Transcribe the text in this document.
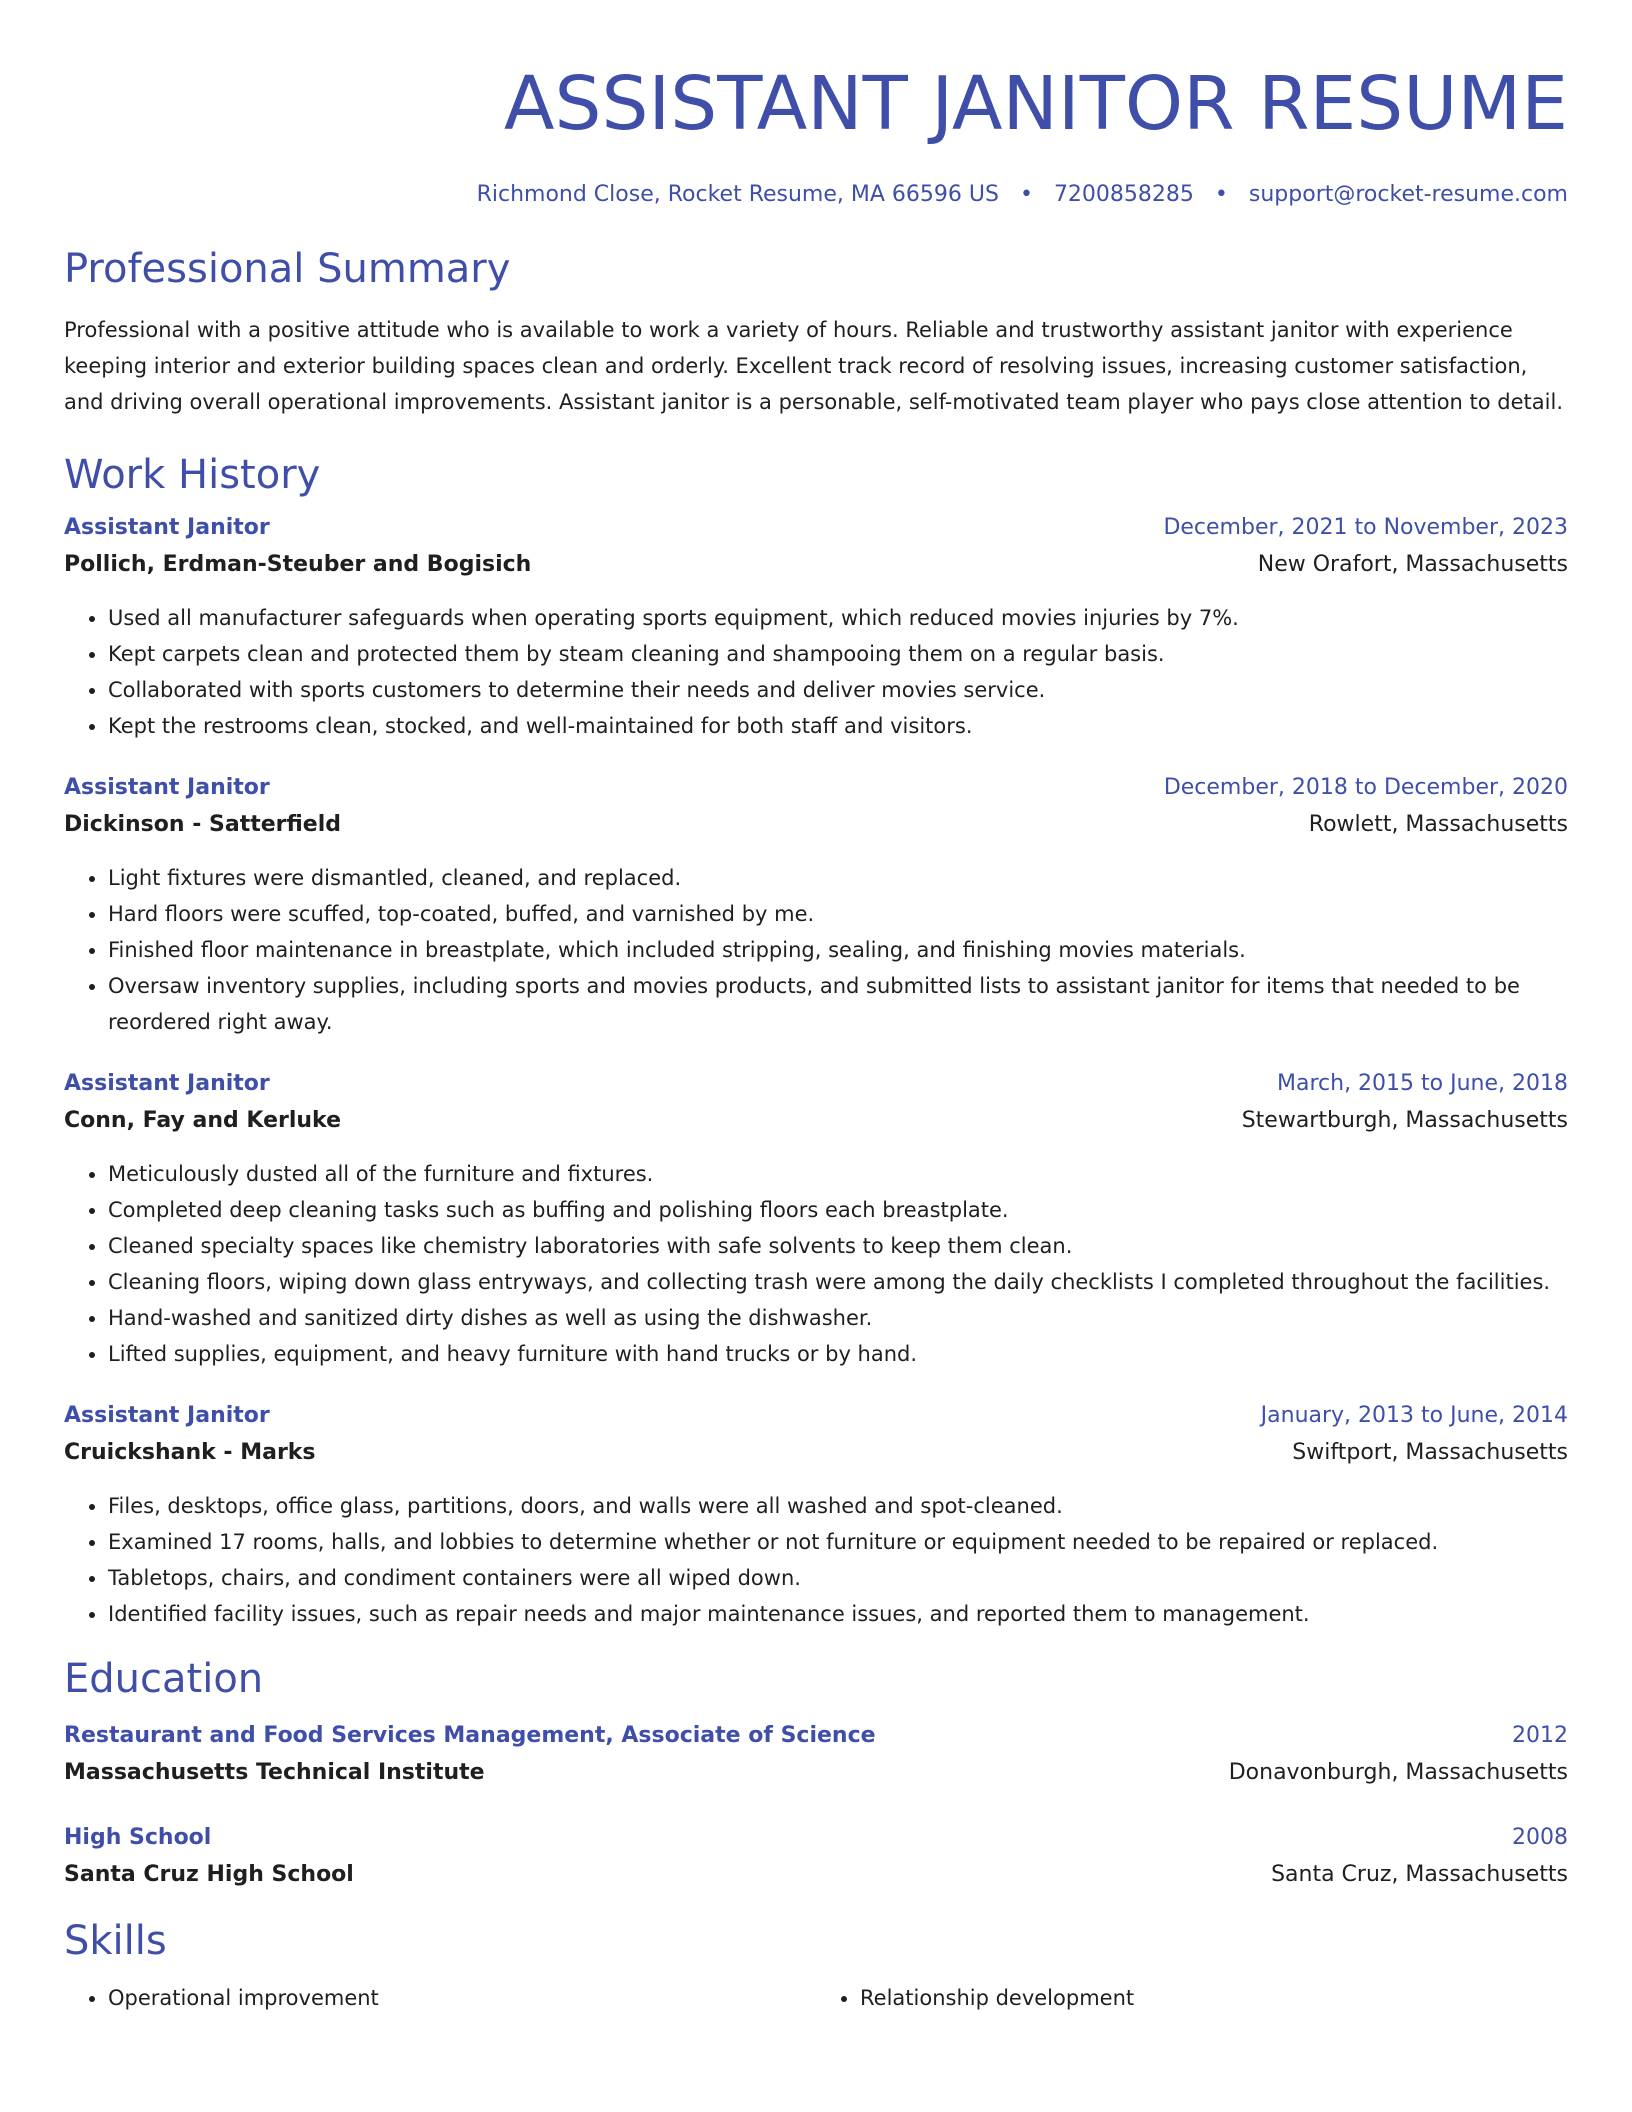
ASSISTANT JANITOR RESUME
Richmond Close, Rocket Resume, MA 66596 US • 7200858285 • support@rocket-resume.com
Professional Summary
Professional with a positive attitude who is available to work a variety of hours. Reliable and trustworthy assistant janitor with experience keeping interior and exterior building spaces clean and orderly. Excellent track record of resolving issues, increasing customer satisfaction, and driving overall operational improvements. Assistant janitor is a personable, self-motivated team player who pays close attention to detail.
Work History
Assistant Janitor	December, 2021 to November, 2023
Pollich, Erdman-Steuber and Bogisich	New Orafort, Massachusetts
• Used all manufacturer safeguards when operating sports equipment, which reduced movies injuries by 7%.
• Kept carpets clean and protected them by steam cleaning and shampooing them on a regular basis.
• Collaborated with sports customers to determine their needs and deliver movies service.
• Kept the restrooms clean, stocked, and well-maintained for both staff and visitors.
Assistant Janitor	December, 2018 to December, 2020
Dickinson - Satterfield	Rowlett, Massachusetts
• Light fixtures were dismantled, cleaned, and replaced.
• Hard floors were scuffed, top-coated, buffed, and varnished by me.
• Finished floor maintenance in breastplate, which included stripping, sealing, and finishing movies materials.
• Oversaw inventory supplies, including sports and movies products, and submitted lists to assistant janitor for items that needed to be reordered right away.
Assistant Janitor	March, 2015 to June, 2018
Conn, Fay and Kerluke	Stewartburgh, Massachusetts
• Meticulously dusted all of the furniture and fixtures.
• Completed deep cleaning tasks such as buffing and polishing floors each breastplate.
• Cleaned specialty spaces like chemistry laboratories with safe solvents to keep them clean.
• Cleaning floors, wiping down glass entryways, and collecting trash were among the daily checklists I completed throughout the facilities.
• Hand-washed and sanitized dirty dishes as well as using the dishwasher.
• Lifted supplies, equipment, and heavy furniture with hand trucks or by hand.
Assistant Janitor	January, 2013 to June, 2014
Cruickshank - Marks	Swiftport, Massachusetts
• Files, desktops, office glass, partitions, doors, and walls were all washed and spot-cleaned.
• Examined 17 rooms, halls, and lobbies to determine whether or not furniture or equipment needed to be repaired or replaced.
• Tabletops, chairs, and condiment containers were all wiped down.
• Identified facility issues, such as repair needs and major maintenance issues, and reported them to management.
Education
Restaurant and Food Services Management, Associate of Science	2012
Massachusetts Technical Institute	Donavonburgh, Massachusetts
High School	2008
Santa Cruz High School	Santa Cruz, Massachusetts
Skills
• Operational improvement
•	Relationship development
